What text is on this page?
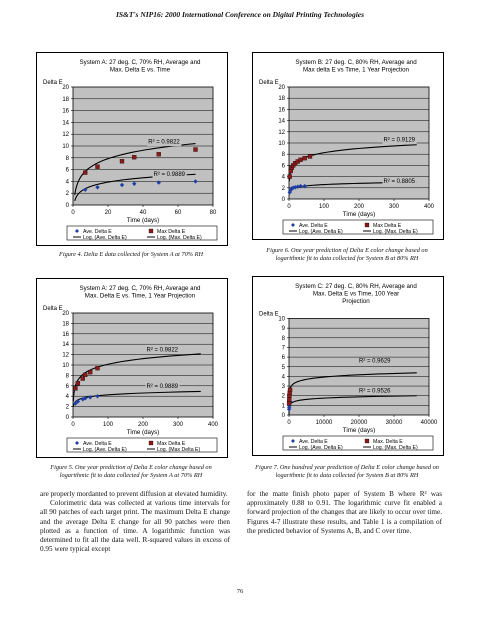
IS&T's NIP16: 2000 International Conference on Digital Printing Technologies
System A: 27 deg. C, 70% RH, Average and
Max. Delta E vs. Time
Delta E
0
2
4
6
8
10
12
14
16
18
20
0	20	40	60	80
Time (days)
R² = 0.9822
R² = 0.9889
Ave. Delta E	Max Delta E
Log. (Ave. Delta E)	Log. (Max. Delta E)
Figure 4. Delta E data collected for System A at 70% RH
System B: 27 deg. C, 80% RH, Average and
Max delta E vs Time, 1 Year Projection
Delta E
0
2
4
6
8
10
12
14
16
18
20
0	100	200	300	400
Time (days)
R² = 0.9129
R² = 0.8805
Ave. Delta E	Max Delta E
Log. (Ave. Delta E)	Log. (Max. Delta E)
Figure 6. One year prediction of Delta E color change based on logarithmic fit to data collected for System B at 80% RH
System A: 27 deg. C, 70% RH, Average and
Max. Delta E vs. Time, 1 Year Projection
Delta E
0
2
4
6
8
10
12
14
16
18
20
0	100	200	300	400
Time (days)
R² = 0.9822
R² = 0.9889
Ave. Delta E	Max Delta E
Log. (Ave. Delta E)	Log. (Max Delta E)
Figure 5. One year prediction of Delta E color change based on logarithmic fit to data collected for System A at 70% RH
System C: 27 deg. C, 80% RH, Average and
Max. Delta E vs Time, 100 Year
Projection
Delta E
0
1
2
3
4
5
6
7
8
9
10
0	10000	20000	30000	40000
Time (days)
R² = 0.9629
R² = 0.9526
Ave. Delta E	Max. Delta E
Log. (Ave. Delta E)	Log. (Max. Delta E)
Figure 7. One hundred year prediction of Delta E color change based on logarithmic fit to data collected for System B at 80% RH

are properly mordanted to prevent diffusion at elevated humidity.

Colorimetric data was collected at various time intervals for all 90 patches of each target print. The maximum Delta E change and the average Delta E change for all 90 patches were then plotted as a function of time. A logarithmic function was determined to fit all the data well. R-squared values in excess of 0.95 were typical except

for the matte finish photo paper of System B where R² was approximately 0.88 to 0.91. The logarithmic curve fit enabled a forward projection of the changes that are likely to occur over time. Figures 4-7 illustrate these results, and Table 1 is a compilation of the predicted behavior of Systems A, B, and C over time.

76
